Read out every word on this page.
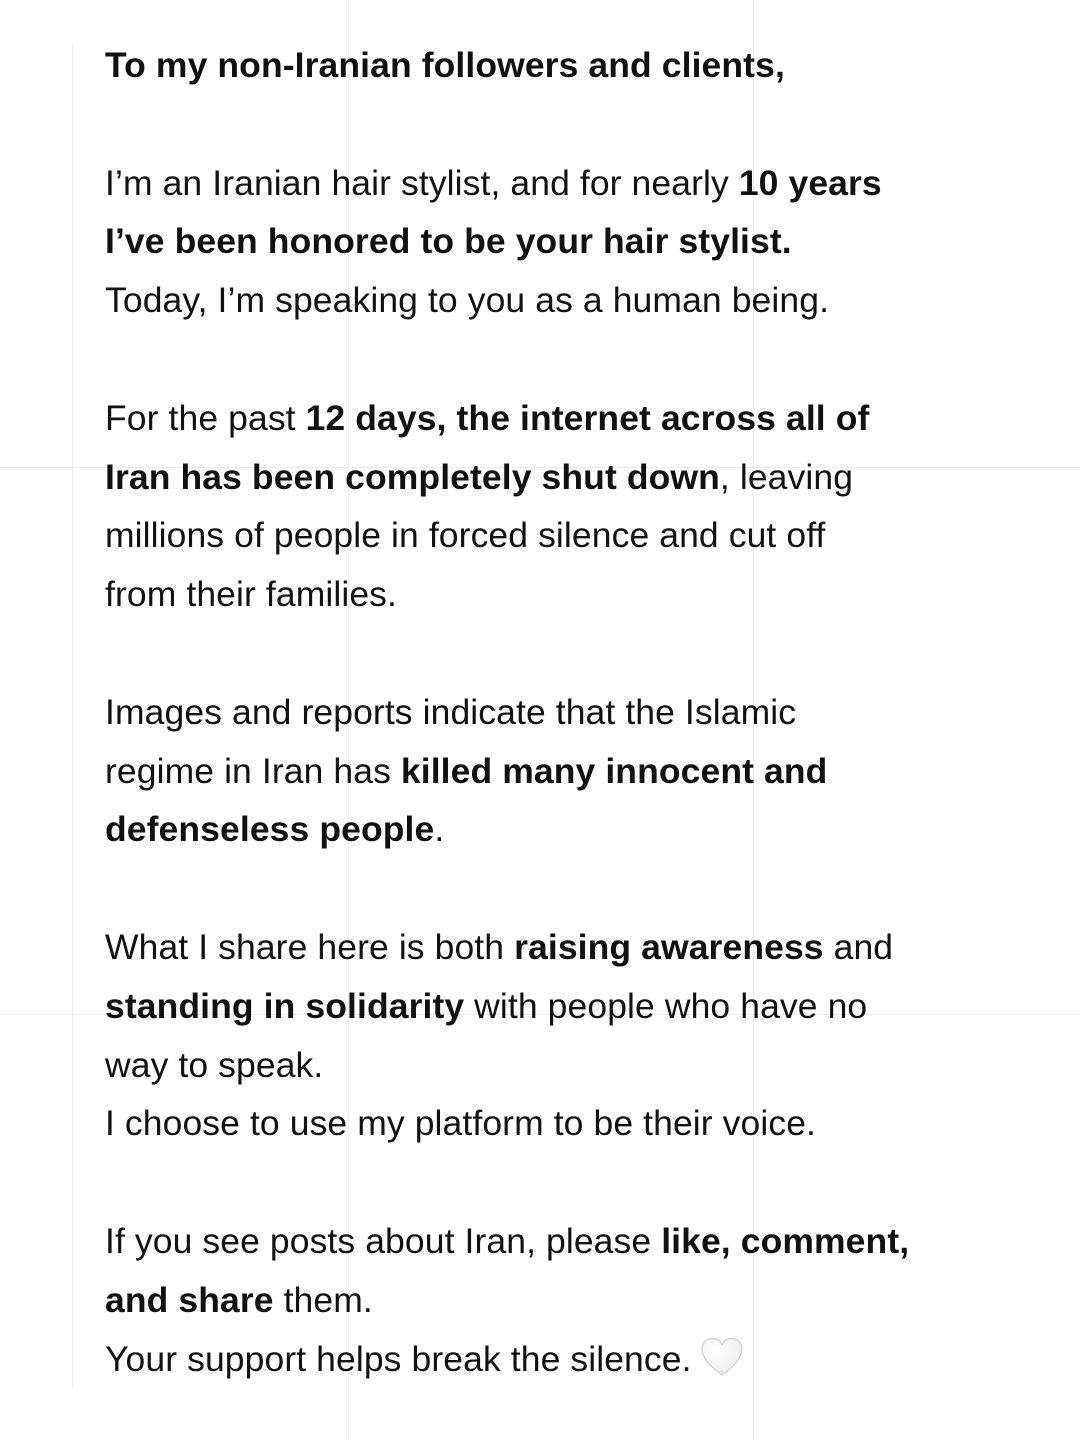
To my non-Iranian followers and clients,
I’m an Iranian hair stylist, and for nearly 10 years
I’ve been honored to be your hair stylist.
Today, I’m speaking to you as a human being.
For the past 12 days, the internet across all of
Iran has been completely shut down, leaving
millions of people in forced silence and cut off
from their families.
Images and reports indicate that the Islamic
regime in Iran has killed many innocent and
defenseless people.
What I share here is both raising awareness and
standing in solidarity with people who have no
way to speak.
I choose to use my platform to be their voice.
If you see posts about Iran, please like, comment,
and share them.
Your support helps break the silence.
